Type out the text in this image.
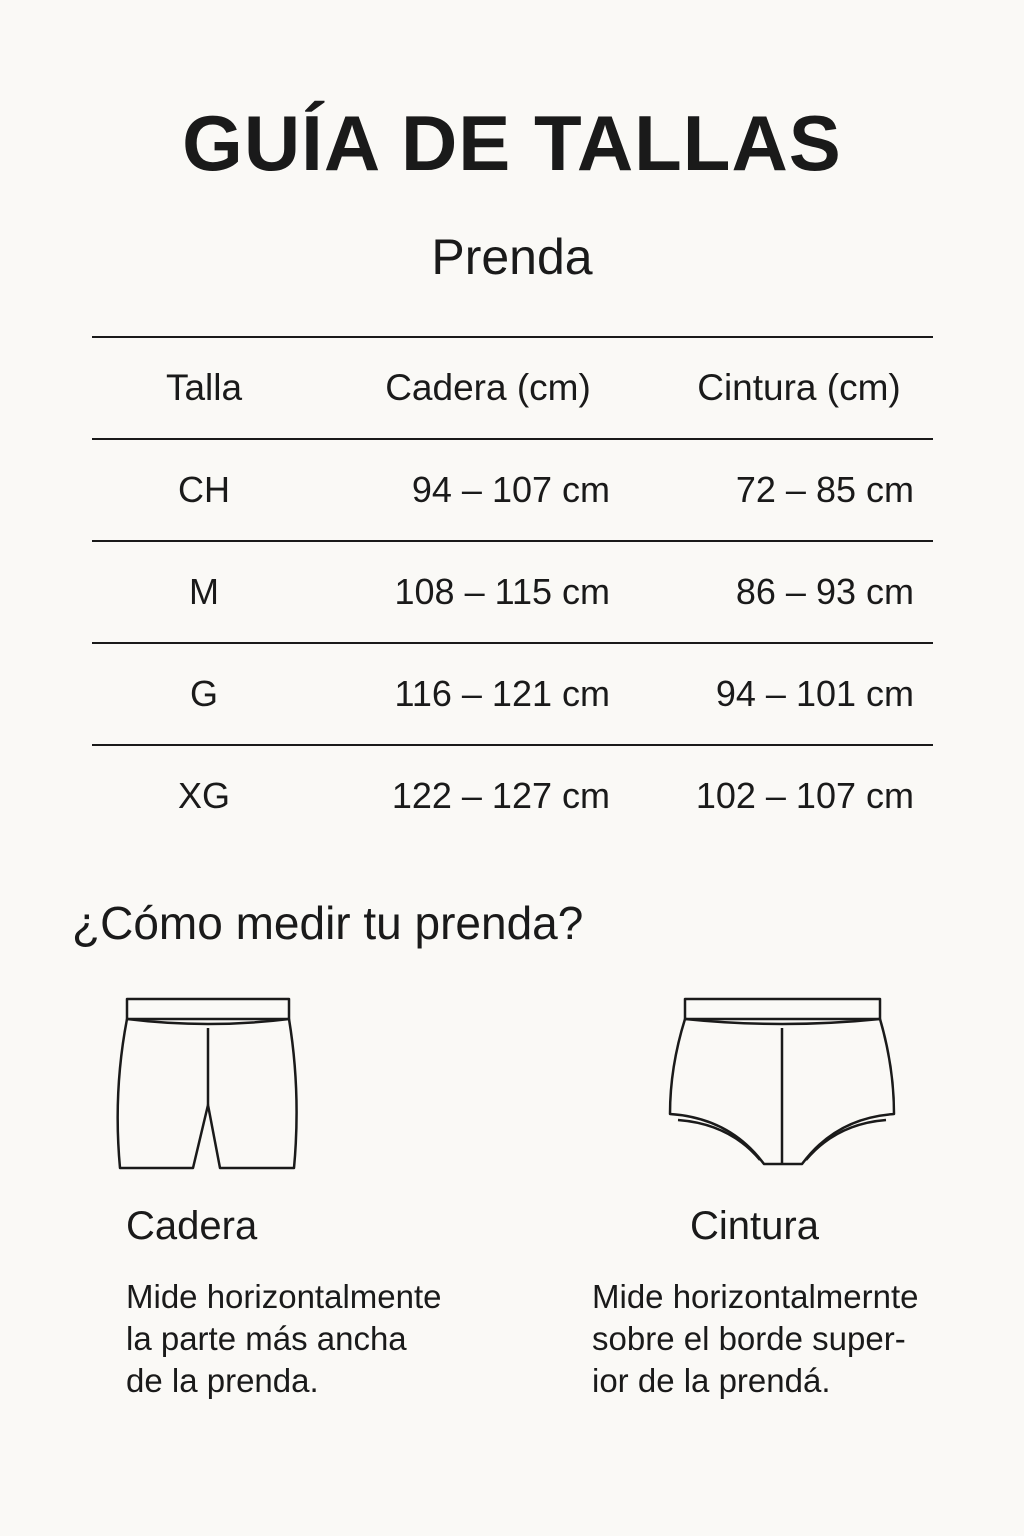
GUÍA DE TALLAS
Prenda
Talla	Cadera (cm)	Cintura (cm)
CH	94 – 107 cm	72 – 85 cm
M	108 – 115 cm	86 – 93 cm
G	116 – 121 cm	94 – 101 cm
XG	122 – 127 cm	102 – 107 cm
¿Cómo medir tu prenda?
Cadera

Mide horizontalmente
la parte más ancha
de la prenda.

Cintura

Mide horizontalmernte
sobre el borde super-
ior de la prendá.
